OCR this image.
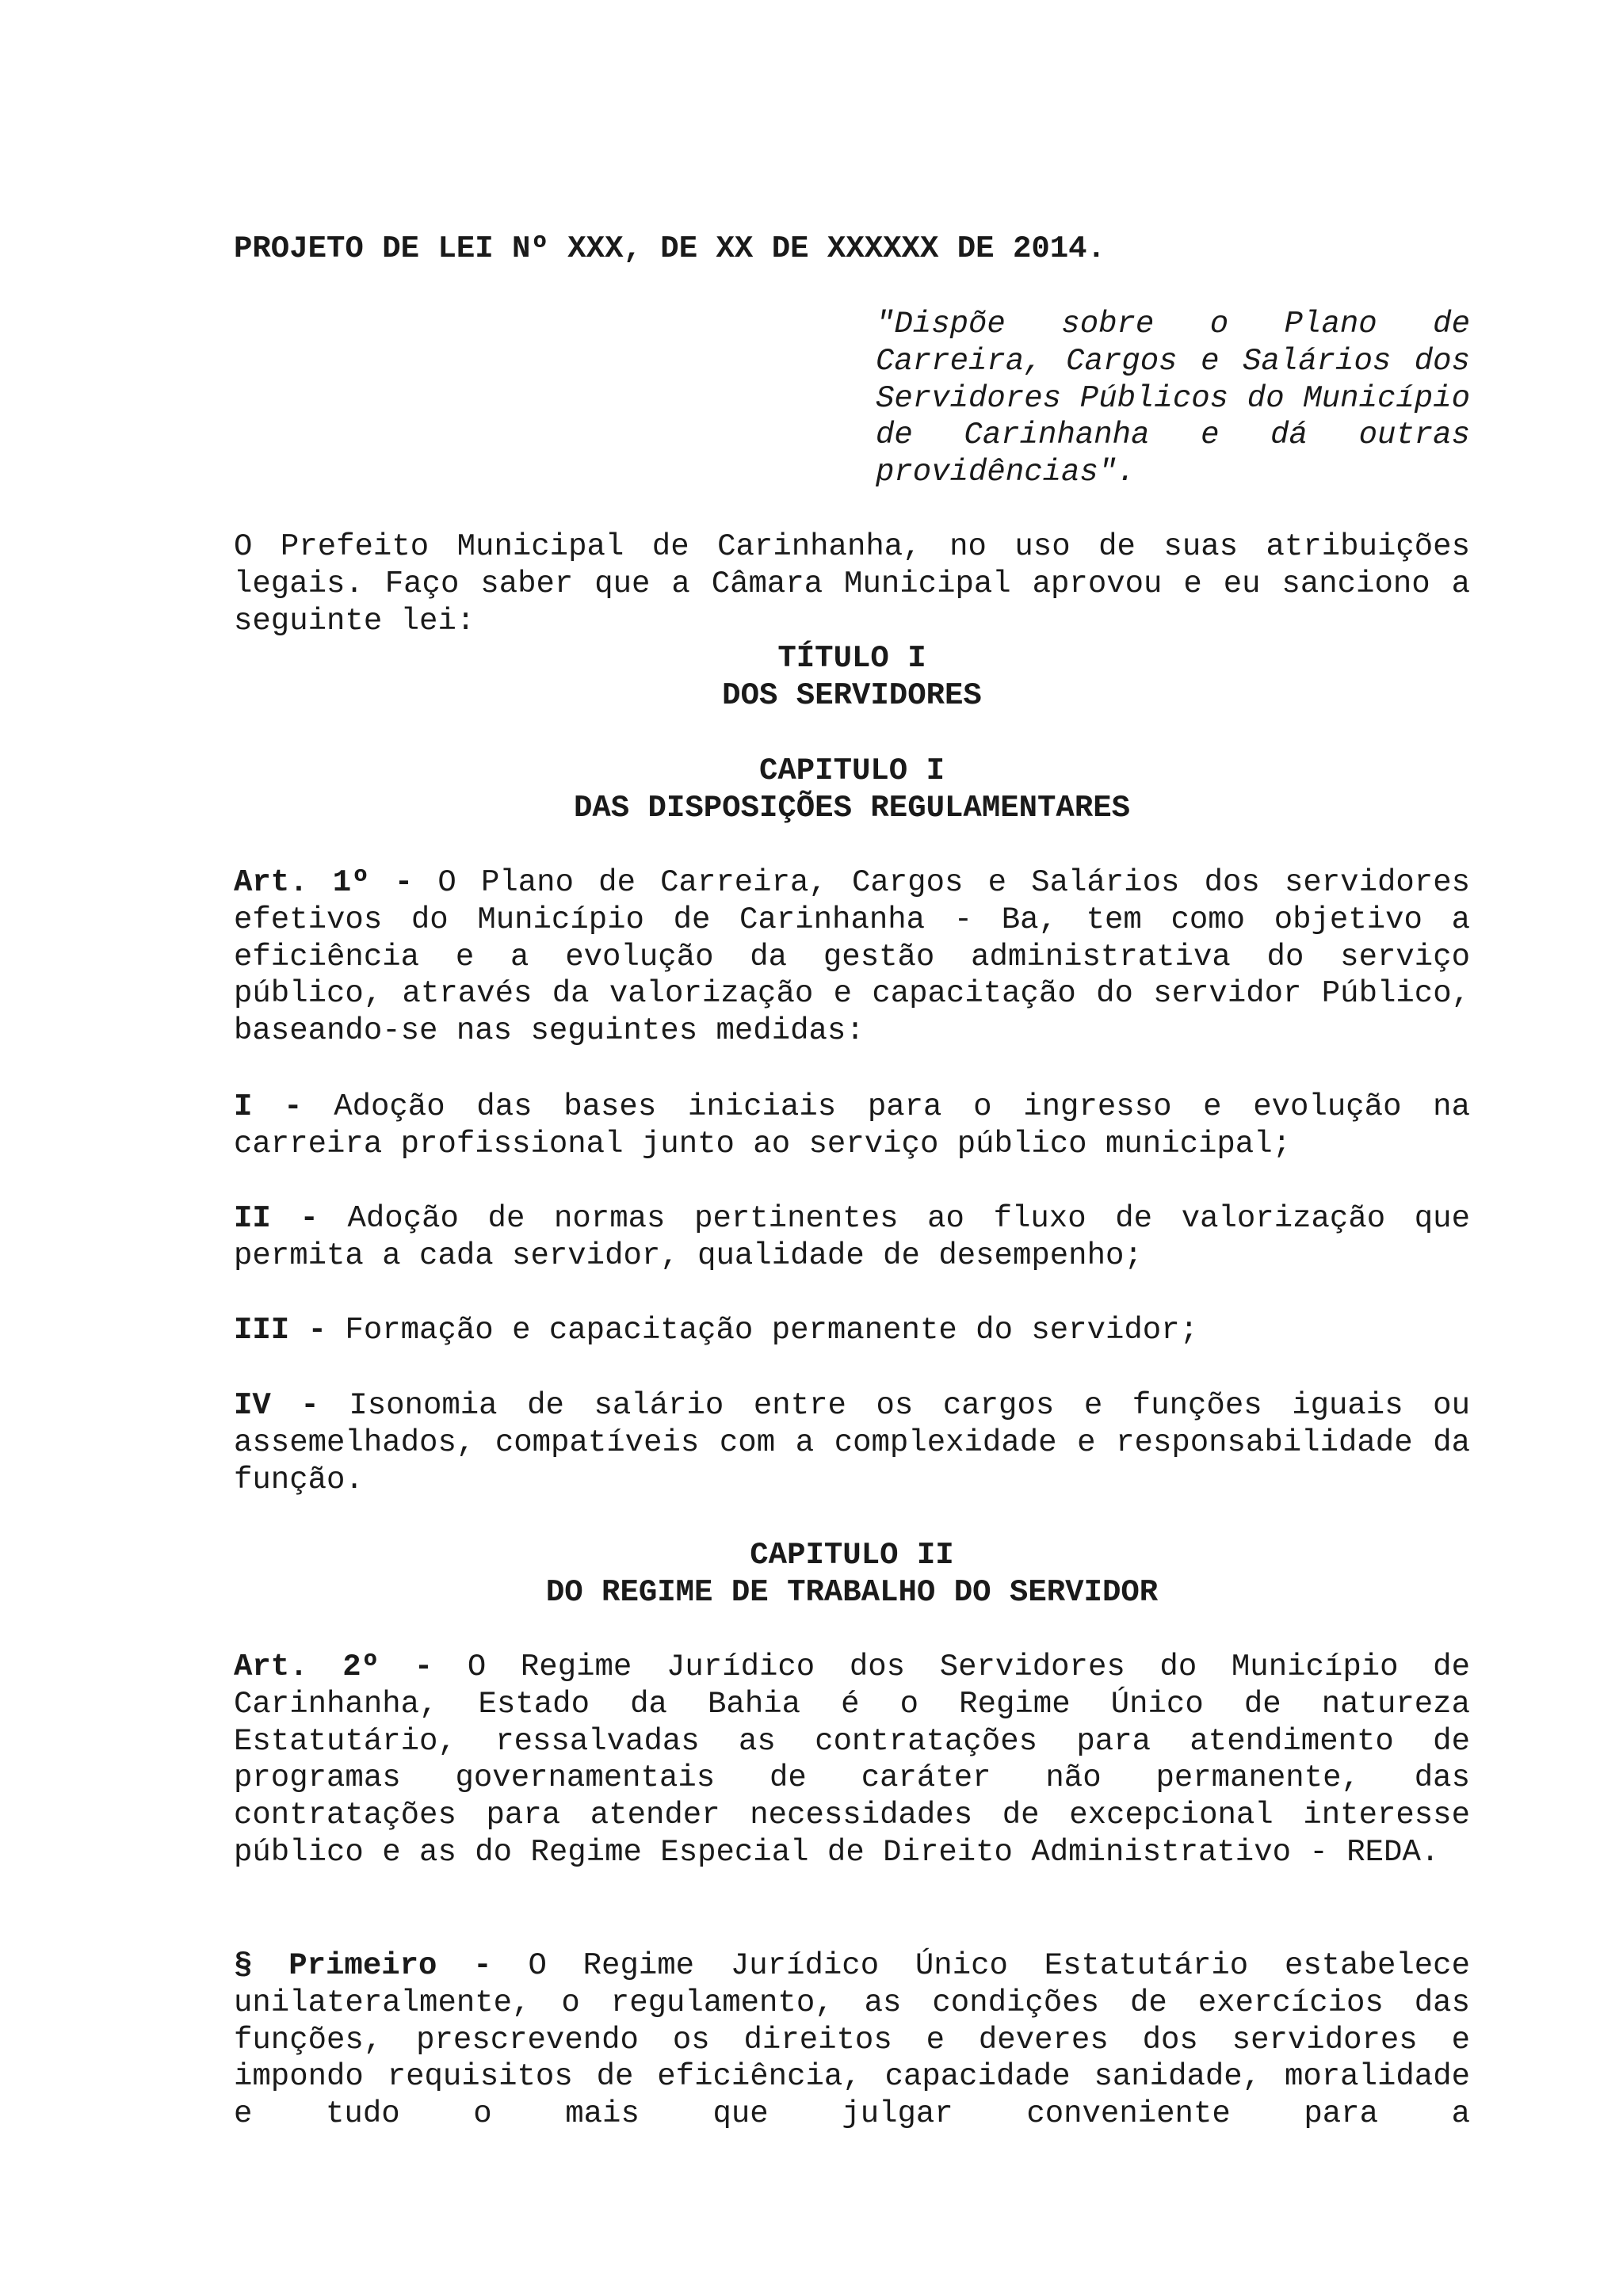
PROJETO DE LEI Nº XXX, DE XX DE XXXXXX DE 2014.
"Dispõe sobre o Plano de Carreira, Cargos e Salários dos Servidores Públicos do Município de Carinhanha e dá outras providências".

O Prefeito Municipal de Carinhanha, no uso de suas atribuições legais. Faço saber que a Câmara Municipal aprovou e eu sanciono a seguinte lei:

TÍTULO I
DOS SERVIDORES
CAPITULO I
DAS DISPOSIÇÕES REGULAMENTARES

Art. 1º - O Plano de Carreira, Cargos e Salários dos servidores efetivos do Município de Carinhanha - Ba, tem como objetivo a eficiência e a evolução da gestão administrativa do serviço público, através da valorização e capacitação do servidor Público, baseando-se nas seguintes medidas:

I - Adoção das bases iniciais para o ingresso e evolução na carreira profissional junto ao serviço público municipal;

II - Adoção de normas pertinentes ao fluxo de valorização que permita a cada servidor, qualidade de desempenho;

III - Formação e capacitação permanente do servidor;

IV - Isonomia de salário entre os cargos e funções iguais ou assemelhados, compatíveis com a complexidade e responsabilidade da função.

CAPITULO II
DO REGIME DE TRABALHO DO SERVIDOR

Art. 2º - O Regime Jurídico dos Servidores do Município de Carinhanha, Estado da Bahia é o Regime Único de natureza Estatutário, ressalvadas as contratações para atendimento de programas governamentais de caráter não permanente, das contratações para atender necessidades de excepcional interesse público e as do Regime Especial de Direito Administrativo - REDA.

§ Primeiro - O Regime Jurídico Único Estatutário estabelece unilateralmente, o regulamento, as condições de exercícios das funções, prescrevendo os direitos e deveres dos servidores e impondo requisitos de eficiência, capacidade sanidade, moralidade e tudo o mais que julgar conveniente para a
